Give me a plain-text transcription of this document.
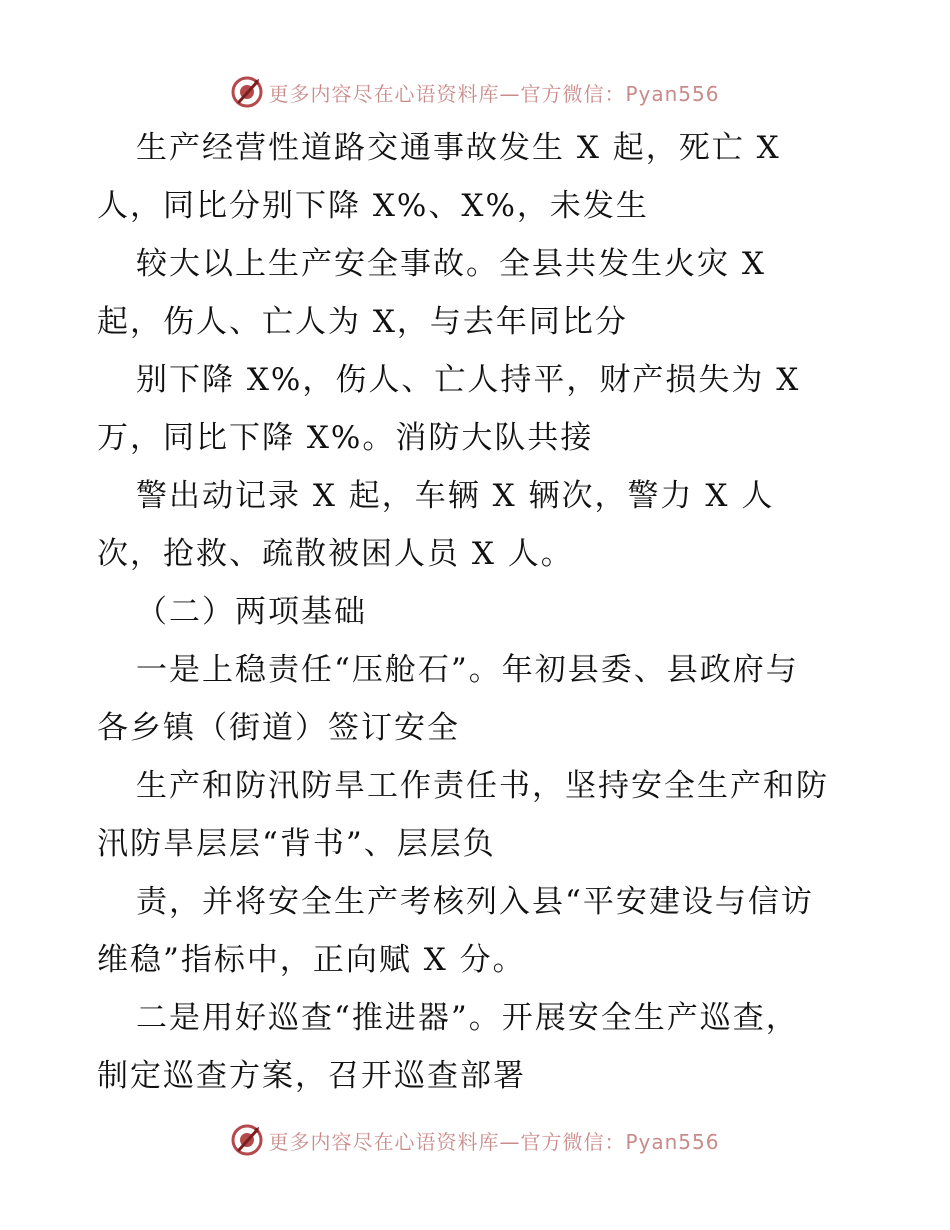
更多内容尽在心语资料库—官方微信：Pyan556
生产经营性道路交通事故发生 X 起，死亡 X
人，同比分别下降 X%、X%，未发生
较大以上生产安全事故。全县共发生火灾 X
起，伤人、亡人为 X，与去年同比分
别下降 X%，伤人、亡人持平，财产损失为 X
万，同比下降 X%。消防大队共接
警出动记录 X 起，车辆 X 辆次，警力 X 人
次，抢救、疏散被困人员 X 人。
（二）两项基础
一是上稳责任“压舱石”。年初县委、县政府与
各乡镇（街道）签订安全
生产和防汛防旱工作责任书，坚持安全生产和防
汛防旱层层“背书”、层层负
责，并将安全生产考核列入县“平安建设与信访
维稳”指标中，正向赋 X 分。
二是用好巡查“推进器”。开展安全生产巡查，
制定巡查方案，召开巡查部署
更多内容尽在心语资料库—官方微信：Pyan556
